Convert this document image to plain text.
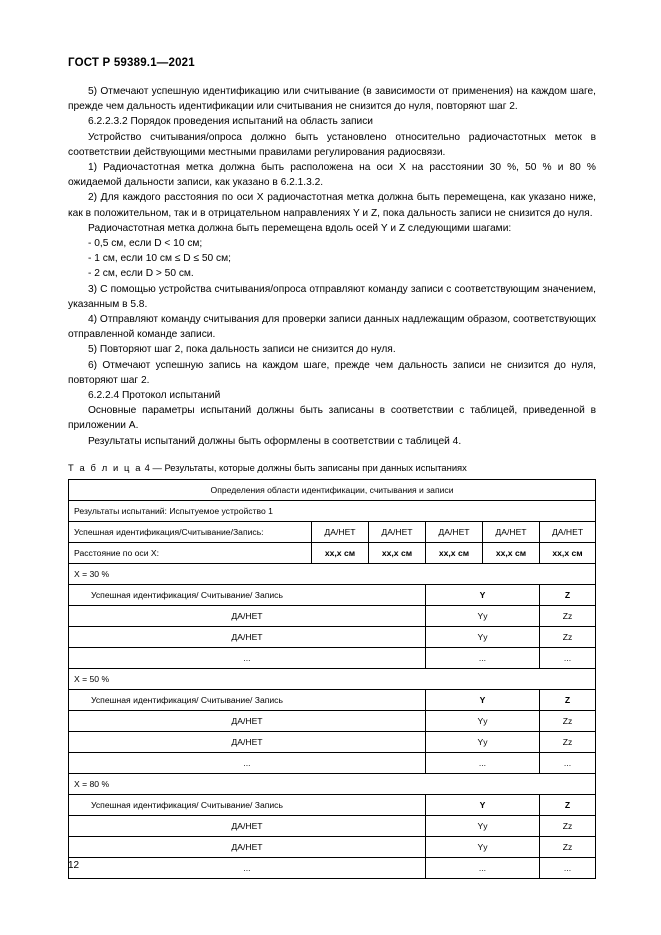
ГОСТ Р 59389.1—2021

5) Отмечают успешную идентификацию или считывание (в зависимости от применения) на каждом шаге, прежде чем дальность идентификации или считывания не снизится до нуля, повторяют шаг 2.

6.2.2.3.2 Порядок проведения испытаний на область записи

Устройство считывания/опроса должно быть установлено относительно радиочастотных меток в соответствии действующими местными правилами регулирования радиосвязи.

1) Радиочастотная метка должна быть расположена на оси X на расстоянии 30 %, 50 % и 80 % ожидаемой дальности записи, как указано в 6.2.1.3.2.

2) Для каждого расстояния по оси X радиочастотная метка должна быть перемещена, как указано ниже, как в положительном, так и в отрицательном направлениях Y и Z, пока дальность записи не снизится до нуля.

Радиочастотная метка должна быть перемещена вдоль осей Y и Z следующими шагами:

- 0,5 см, если D < 10 см;

- 1 см, если 10 см ≤ D ≤ 50 см;

- 2 см, если D > 50 см.

3) С помощью устройства считывания/опроса отправляют команду записи с соответствующим значением, указанным в 5.8.

4) Отправляют команду считывания для проверки записи данных надлежащим образом, соответствующих отправленной команде записи.

5) Повторяют шаг 2, пока дальность записи не снизится до нуля.

6) Отмечают успешную запись на каждом шаге, прежде чем дальность записи не снизится до нуля, повторяют шаг 2.

6.2.2.4 Протокол испытаний

Основные параметры испытаний должны быть записаны в соответствии с таблицей, приведенной в приложении А.

Результаты испытаний должны быть оформлены в соответствии с таблицей 4.

Т а б л и ц а 4 — Результаты, которые должны быть записаны при данных испытаниях
Определения области идентификации, считывания и записи					
Результаты испытаний: Испытуемое устройство 1					
Успешная идентификация/Считывание/Запись:	ДА/НЕТ	ДА/НЕТ	ДА/НЕТ	ДА/НЕТ	ДА/НЕТ
Расстояние по оси Х:	хх,х см	хх,х см	хх,х см	хх,х см	хх,х см
X = 30 %					
Успешная идентификация/ Считывание/ Запись			Y		Z
ДА/НЕТ			Yy		Zz
ДА/НЕТ			Yy		Zz
...			...		...
X = 50 %					
Успешная идентификация/ Считывание/ Запись			Y		Z
ДА/НЕТ			Yy		Zz
ДА/НЕТ			Yy		Zz
...			...		...
X = 80 %					
Успешная идентификация/ Считывание/ Запись			Y		Z
ДА/НЕТ			Yy		Zz
ДА/НЕТ			Yy		Zz
...			...		...
12
